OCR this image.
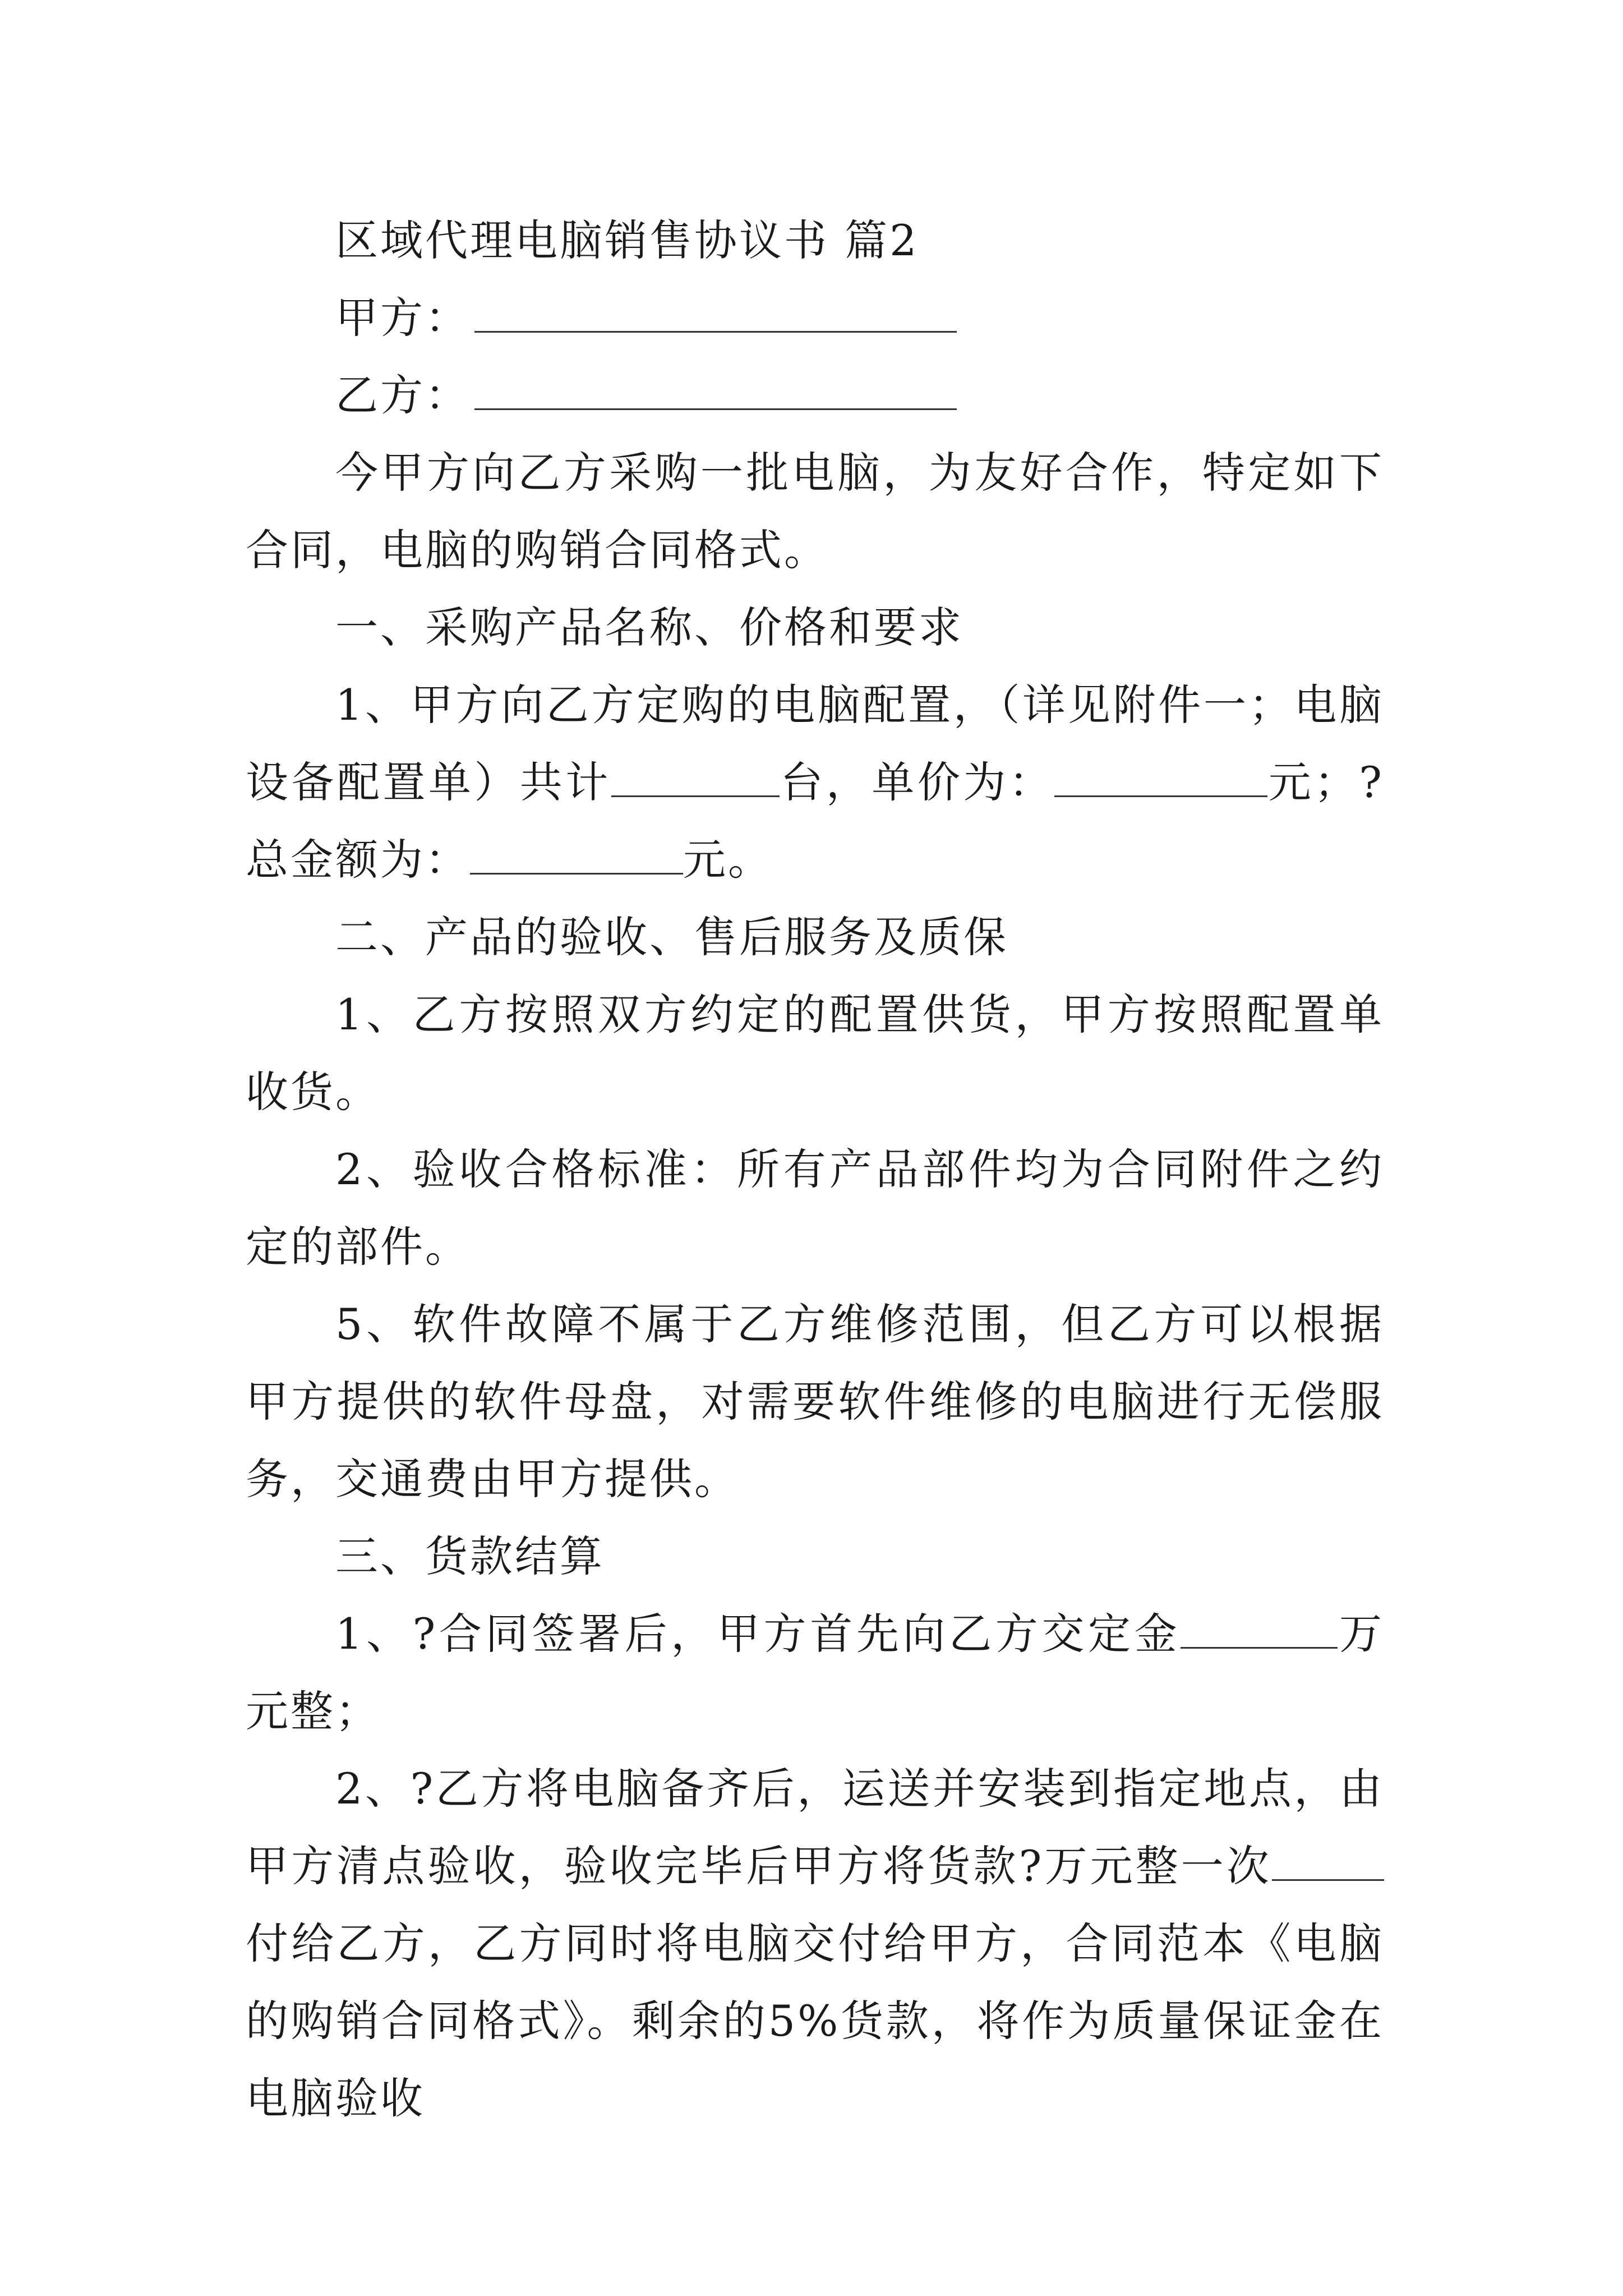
区域代理电脑销售协议书 篇2

甲方：

乙方：

今甲方向乙方采购一批电脑，为友好合作，特定如下合同，电脑的购销合同格式。

一、采购产品名称、价格和要求

1、甲方向乙方定购的电脑配置，（详见附件一；电脑设备配置单）共计	台，单价为：	元；?总金额为：	元。

二、产品的验收、售后服务及质保

1、乙方按照双方约定的配置供货，甲方按照配置单收货。

2、验收合格标准：所有产品部件均为合同附件之约定的部件。

5、软件故障不属于乙方维修范围，但乙方可以根据甲方提供的软件母盘，对需要软件维修的电脑进行无偿服务，交通费由甲方提供。

三、货款结算

1、?合同签署后，甲方首先向乙方交定金	万元整；

2、?乙方将电脑备齐后，运送并安装到指定地点，由甲方清点验收，验收完毕后甲方将货款?万元整一次付给乙方，乙方同时将电脑交付给甲方，合同范本《电脑的购销合同格式》。剩余的5%货款，将作为质量保证金在电脑验收
